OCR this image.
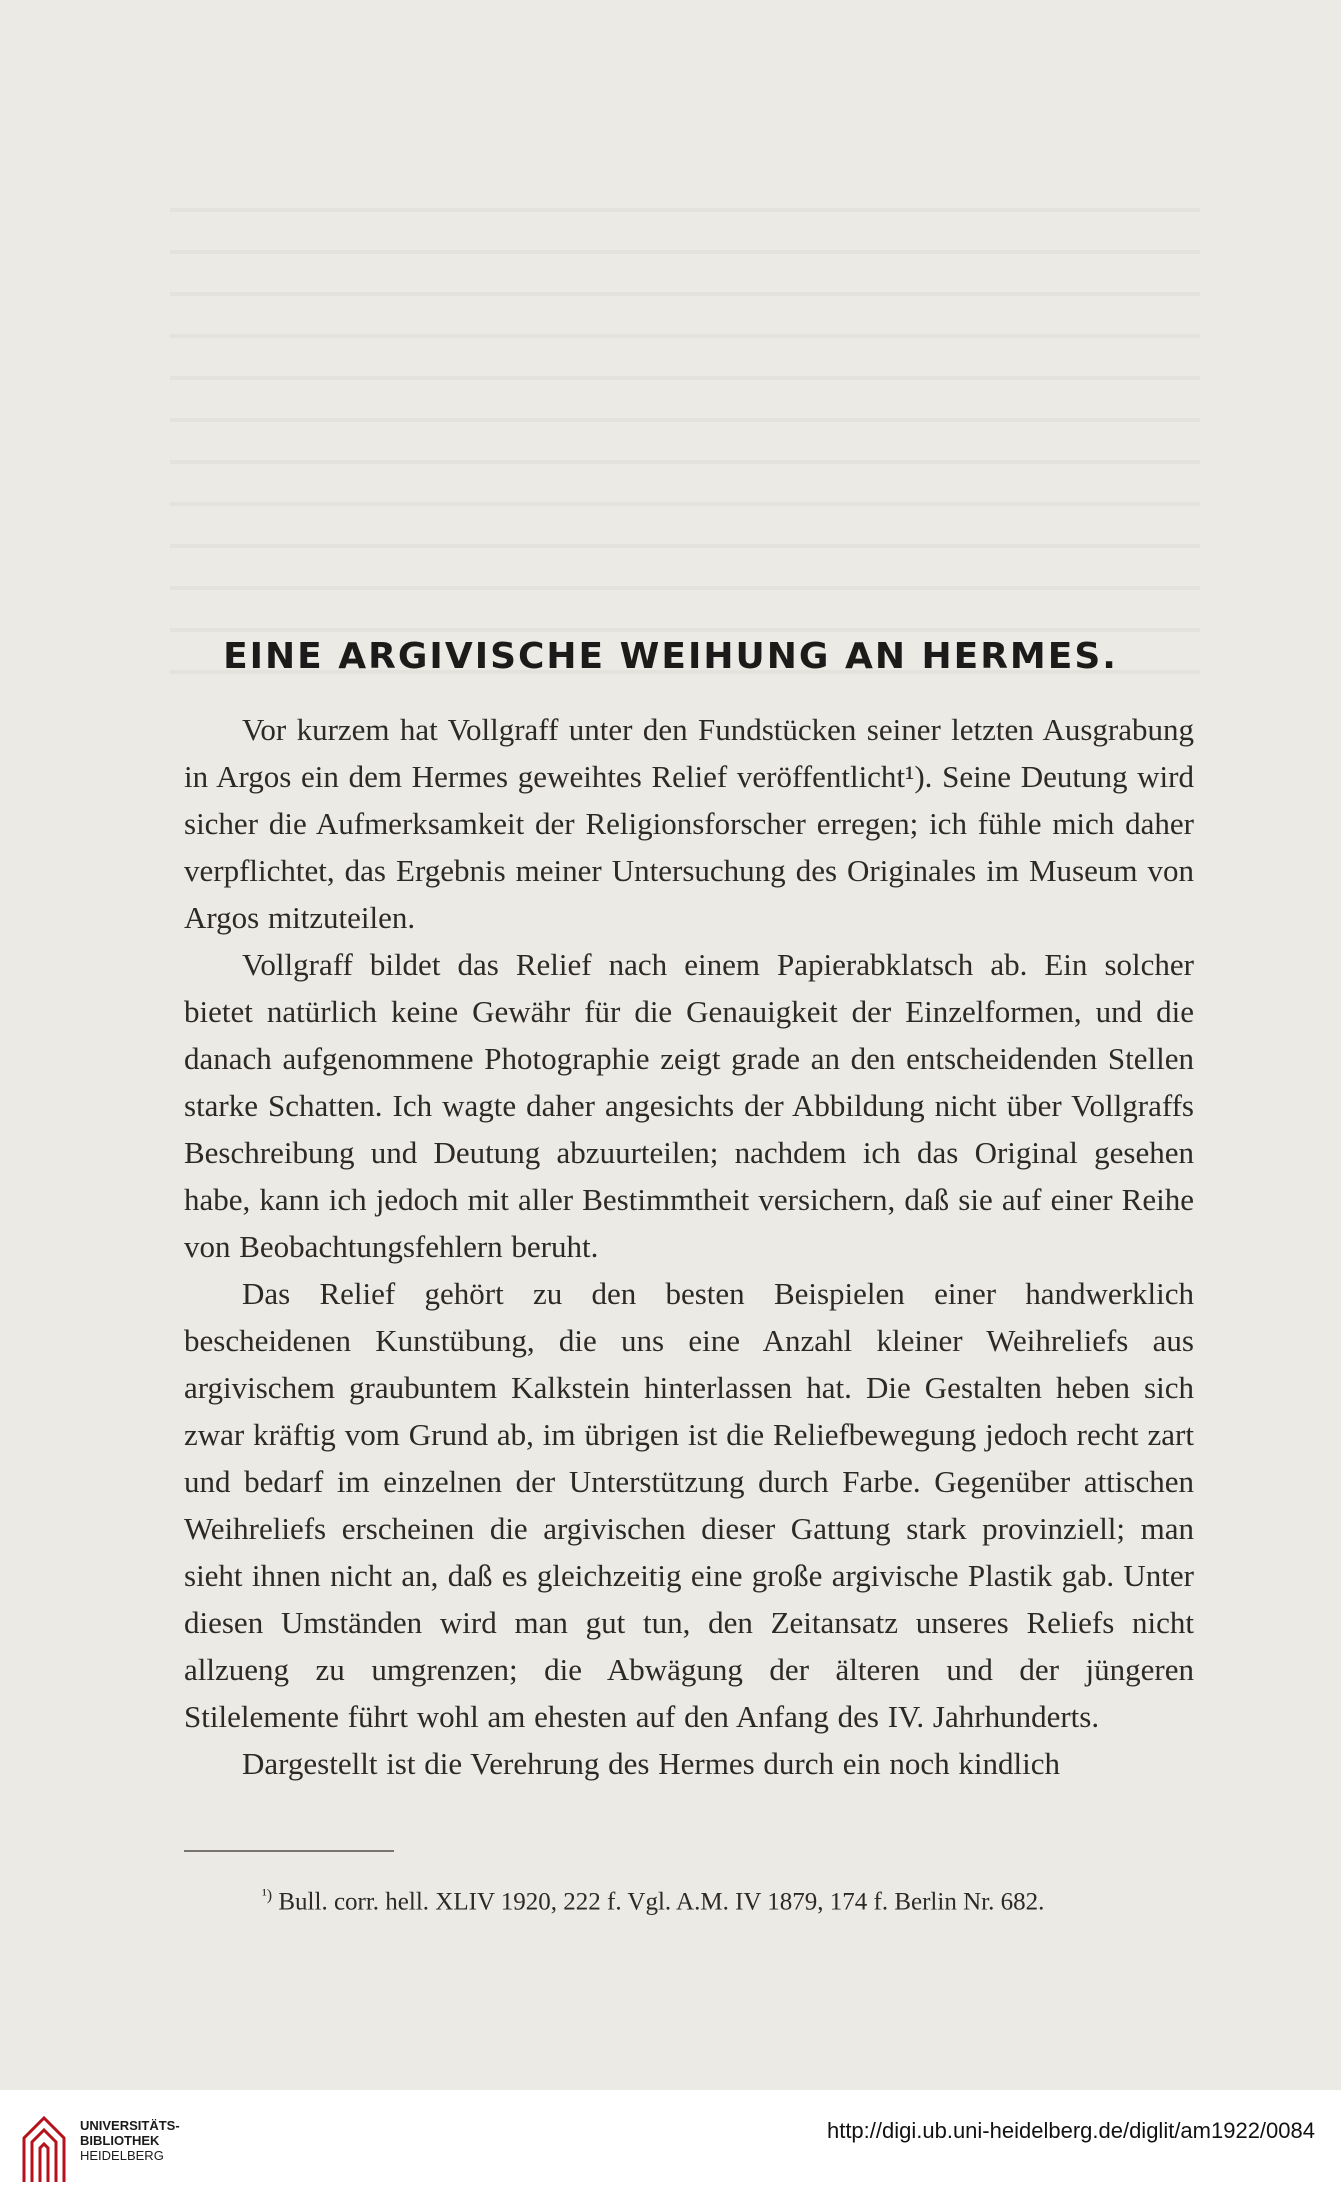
EINE ARGIVISCHE WEIHUNG AN HERMES.

Vor kurzem hat Vollgraff unter den Fundstücken seiner letzten Ausgrabung in Argos ein dem Hermes geweihtes Relief veröffentlicht¹). Seine Deutung wird sicher die Aufmerksamkeit der Religionsforscher erregen; ich fühle mich daher verpflichtet, das Ergebnis meiner Untersuchung des Originales im Museum von Argos mitzuteilen.

Vollgraff bildet das Relief nach einem Papierabklatsch ab. Ein solcher bietet natürlich keine Gewähr für die Genauigkeit der Einzelformen, und die danach aufgenommene Photographie zeigt grade an den entscheidenden Stellen starke Schatten. Ich wagte daher angesichts der Abbildung nicht über Vollgraffs Beschreibung und Deutung abzuurteilen; nachdem ich das Original gesehen habe, kann ich jedoch mit aller Bestimmtheit versichern, daß sie auf einer Reihe von Beobachtungsfehlern beruht.

Das Relief gehört zu den besten Beispielen einer handwerklich bescheidenen Kunstübung, die uns eine Anzahl kleiner Weihreliefs aus argivischem graubuntem Kalkstein hinterlassen hat. Die Gestalten heben sich zwar kräftig vom Grund ab, im übrigen ist die Reliefbewegung jedoch recht zart und bedarf im einzelnen der Unterstützung durch Farbe. Gegenüber attischen Weihreliefs erscheinen die argivischen dieser Gattung stark provinziell; man sieht ihnen nicht an, daß es gleichzeitig eine große argivische Plastik gab. Unter diesen Umständen wird man gut tun, den Zeitansatz unseres Reliefs nicht allzueng zu umgrenzen; die Abwägung der älteren und der jüngeren Stilelemente führt wohl am ehesten auf den Anfang des IV. Jahrhunderts.

Dargestellt ist die Verehrung des Hermes durch ein noch kindlich

$^{^1)}$ Bull. corr. hell. XLIV 1920, 222 f. Vgl. A.M. IV 1879, 174 f. Berlin Nr. 682.
UNIVERSITÄTS-
BIBLIOTHEK
HEIDELBERG
http://digi.ub.uni-heidelberg.de/diglit/am1922/0084
